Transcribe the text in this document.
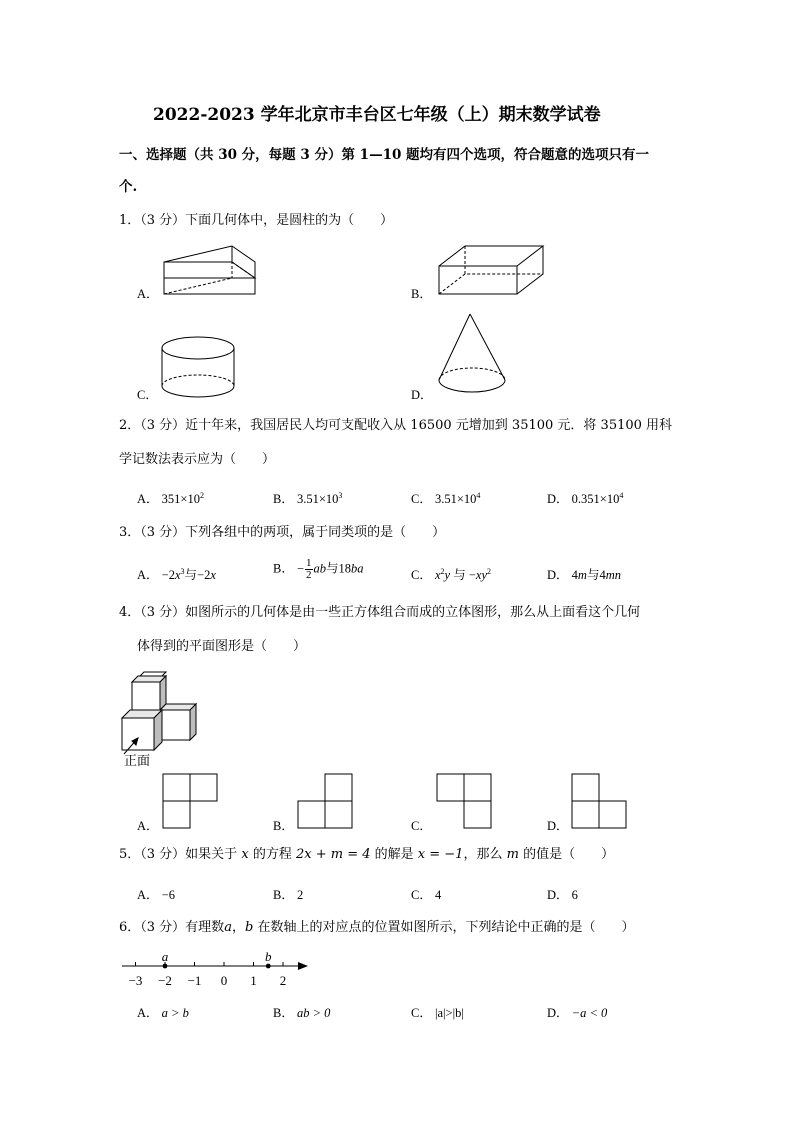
2022-2023 学年北京市丰台区七年级（上）期末数学试卷
一、选择题（共 30 分，每题 3 分）第 1—10 题均有四个选项，符合题意的选项只有一
个.
1．（3 分）下面几何体中，是圆柱的为（　　）
A．	B．
C．	D．
2．（3 分）近十年来，我国居民人均可支配收入从 16500 元增加到 35100 元．将 35100 用科
学记数法表示应为（　　）
A． $351\times 10^2$	B． $3.51\times 10^3$	C． $3.51\times 10^4$	D． $0.351\times 10^4$
3．（3 分）下列各组中的两项，属于同类项的是（　　）
A． $-2x^3$与−2x	B． − $\frac{1}{2}$ ab与18ba	C． $x^2y$ 与 $-xy^2$	D． 4m与4mn
4．（3 分）如图所示的几何体是由一些正方体组合而成的立体图形，那么从上面看这个几何
体得到的平面图形是（　　）
正面
A．	B．	C．	D．
5．（3 分）如果关于 x 的方程 2x + m = 4 的解是 x = −1，那么 m 的值是（　　）
A． −6	B． 2	C． 4	D． 6
6．（3 分）有理数a，b 在数轴上的对应点的位置如图所示，下列结论中正确的是（　　）
−3 −2 −1 0 1 2
a	b
A． a > b	B． ab > 0	C． |a|>|b|	D． −a < 0
